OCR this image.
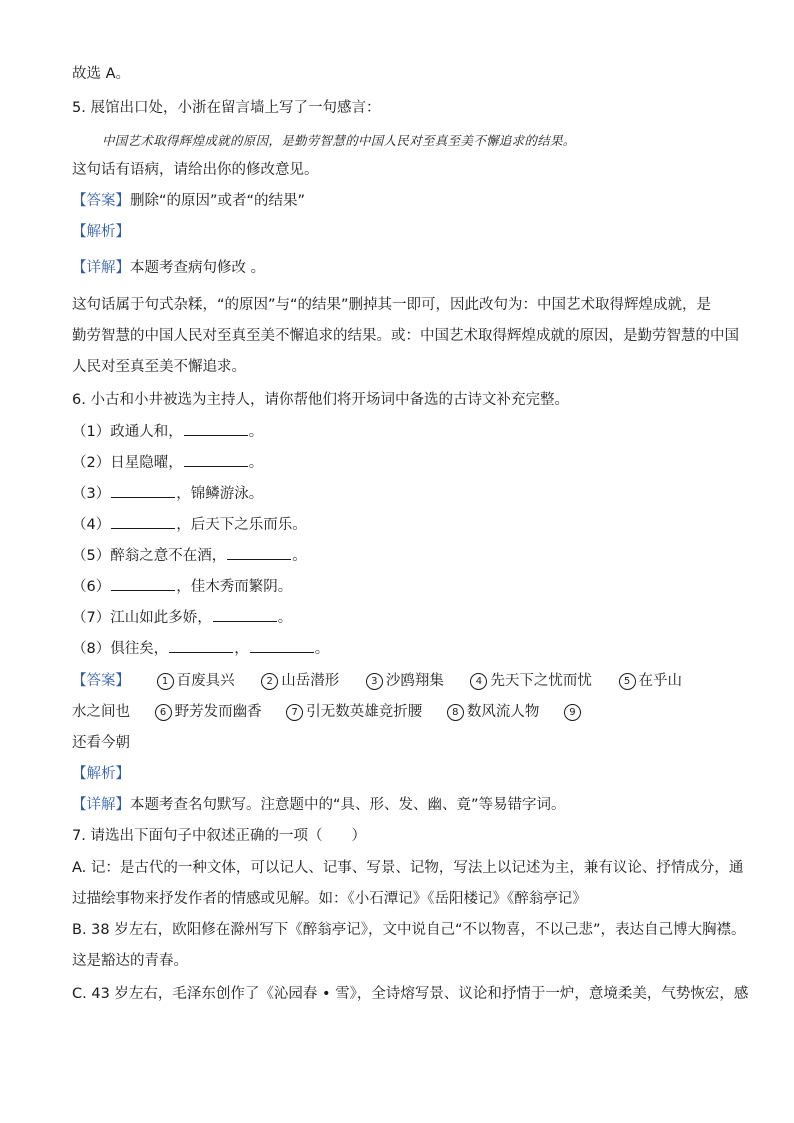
故选 A。
5. 展馆出口处，小浙在留言墙上写了一句感言：
中国艺术取得辉煌成就的原因，是勤劳智慧的中国人民对至真至美不懈追求的结果。
这句话有语病，请给出你的修改意见。
【答案】删除“的原因”或者“的结果”
【解析】
【详解】本题考查病句修改 。
这句话属于句式杂糅，“的原因”与“的结果”删掉其一即可，因此改句为：中国艺术取得辉煌成就，是
勤劳智慧的中国人民对至真至美不懈追求的结果。或：中国艺术取得辉煌成就的原因，是勤劳智慧的中国
人民对至真至美不懈追求。
6. 小古和小井被选为主持人，请你帮他们将开场词中备选的古诗文补充完整。
（1）政通人和，	。
（2）日星隐曜，	。
（3）	，锦鳞游泳。
（4）	，后天下之乐而乐。
（5）醉翁之意不在酒，	。
（6）	，佳木秀而繁阴。
（7）江山如此多娇，	。
（8）俱往矣，	，	。
【答案】	1 百废具兴	2 山岳潜形	3 沙鸥翔集	4 先天下之忧而忧	5 在乎山
水之间也	6 野芳发而幽香	7 引无数英雄竞折腰	8 数风流人物	9
还看今朝
【解析】
【详解】本题考查名句默写。注意题中的“具、形、发、幽、竟”等易错字词。
7. 请选出下面句子中叙述正确的一项（　　）
A. 记：是古代的一种文体，可以记人、记事、写景、记物，写法上以记述为主，兼有议论、抒情成分，通
过描绘事物来抒发作者的情感或见解。如：《小石潭记》《岳阳楼记》《醉翁亭记》
B. 38 岁左右，欧阳修在滁州写下《醉翁亭记》，文中说自己“不以物喜，不以己悲”，表达自己博大胸襟。
这是豁达的青春。
C. 43 岁左右，毛泽东创作了《沁园春 • 雪》，全诗熔写景、议论和抒情于一炉，意境柔美，气势恢宏，感
